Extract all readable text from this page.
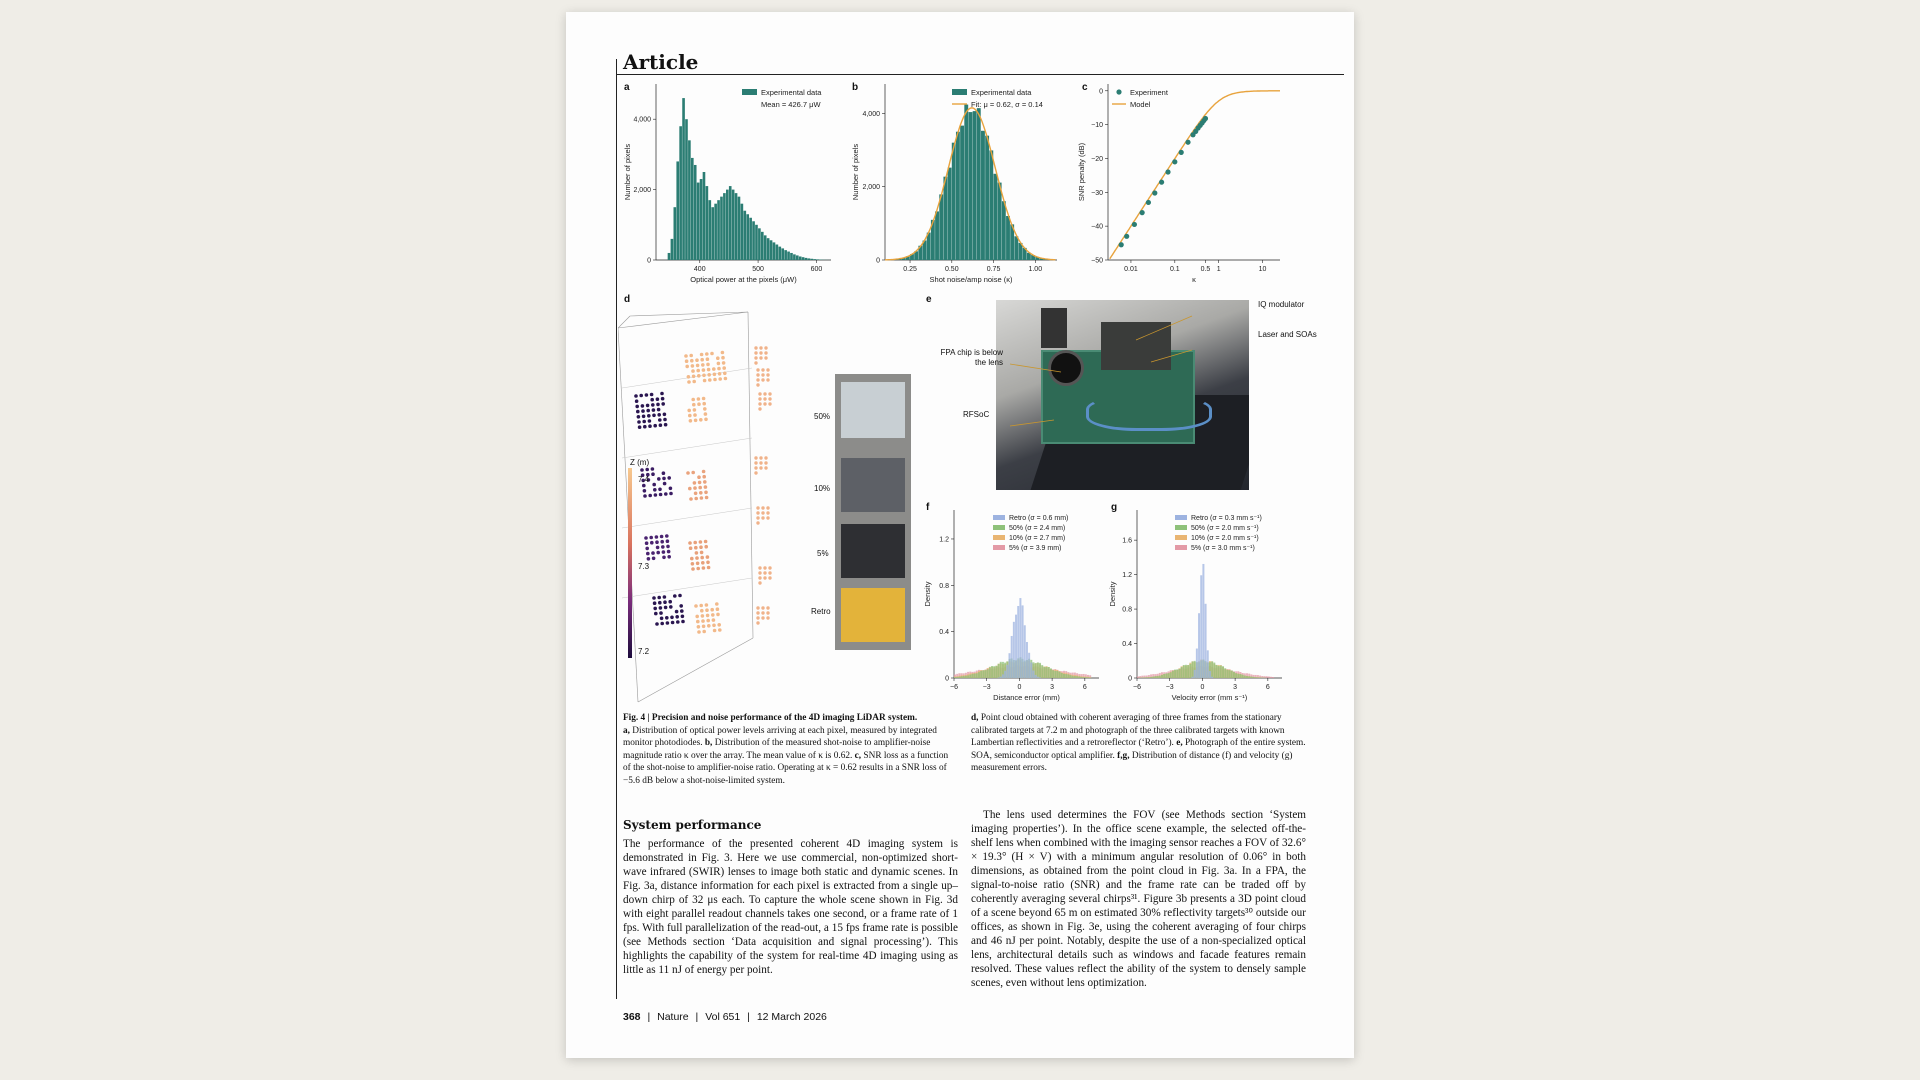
Article
a	b	c
d	e
f	g
400	500	600
0
2,000
4,000
Optical power at the pixels (μW)
Number of pixels
Experimental data
Mean = 426.7 μW
0.25	0.50	0.75	1.00
0
2,000
4,000
Shot noise/amp noise (κ)
Number of pixels
Experimental data
Fit: μ = 0.62, σ = 0.14
0.01	0.1	0.5 1	10
0
−10
−20
−30
−40
−50
κ
SNR penalty (dB)
Experiment
Model
−6	−3	0	3	6
0
0.4
0.8
1.2
Distance error (mm)
Density
Retro (σ = 0.6 mm)
50% (σ = 2.4 mm)
10% (σ = 2.7 mm)
5% (σ = 3.9 mm)
−6	−3	0	3	6
0
0.4
0.8
1.2
1.6
Velocity error (mm s⁻¹)
Density
Retro (σ = 0.3 mm s⁻¹)
50% (σ = 2.0 mm s⁻¹)
10% (σ = 2.0 mm s⁻¹)
5% (σ = 3.0 mm s⁻¹)
Z (m)
7.4
7.3
7.2
50%
10%
5%
Retro
IQ modulator
Laser and SOAs
FPA chip is below the lens
RFSoC
Fig. 4 | Precision and noise performance of the 4D imaging LiDAR system.
a, Distribution of optical power levels arriving at each pixel, measured by integrated monitor photodiodes. b, Distribution of the measured shot-noise to amplifier-noise magnitude ratio κ over the array. The mean value of κ is 0.62. c, SNR loss as a function of the shot-noise to amplifier-noise ratio. Operating at κ = 0.62 results in a SNR loss of −5.6 dB below a shot-noise-limited system.
d, Point cloud obtained with coherent averaging of three frames from the stationary calibrated targets at 7.2 m and photograph of the three calibrated targets with known Lambertian reflectivities and a retroreflector (‘Retro’). e, Photograph of the entire system. SOA, semiconductor optical amplifier. f,g, Distribution of distance (f) and velocity (g) measurement errors.
System performance
The performance of the presented coherent 4D imaging system is demonstrated in Fig. 3. Here we use commercial, non-optimized short-wave infrared (SWIR) lenses to image both static and dynamic scenes. In Fig. 3a, distance information for each pixel is extracted from a single up–down chirp of 32 μs each. To capture the whole scene shown in Fig. 3d with eight parallel readout channels takes one second, or a frame rate of 1 fps. With full parallelization of the read-out, a 15 fps frame rate is possible (see Methods section ‘Data acquisition and signal processing’). This highlights the capability of the system for real-time 4D imaging using as little as 11 nJ of energy per point.
The lens used determines the FOV (see Methods section ‘System imaging properties’). In the office scene example, the selected off-the-shelf lens when combined with the imaging sensor reaches a FOV of 32.6° × 19.3° (H × V) with a minimum angular resolution of 0.06° in both dimensions, as obtained from the point cloud in Fig. 3a. In a FPA, the signal-to-noise ratio (SNR) and the frame rate can be traded off by coherently averaging several chirps³¹. Figure 3b presents a 3D point cloud of a scene beyond 65 m on estimated 30% reflectivity targets³⁰ outside our offices, as shown in Fig. 3e, using the coherent averaging of four chirps and 46 nJ per point. Notably, despite the use of a non-specialized optical lens, architectural details such as windows and facade features remain resolved. These values reflect the ability of the system to densely sample scenes, even without lens optimization.
368 | Nature | Vol 651 | 12 March 2026
